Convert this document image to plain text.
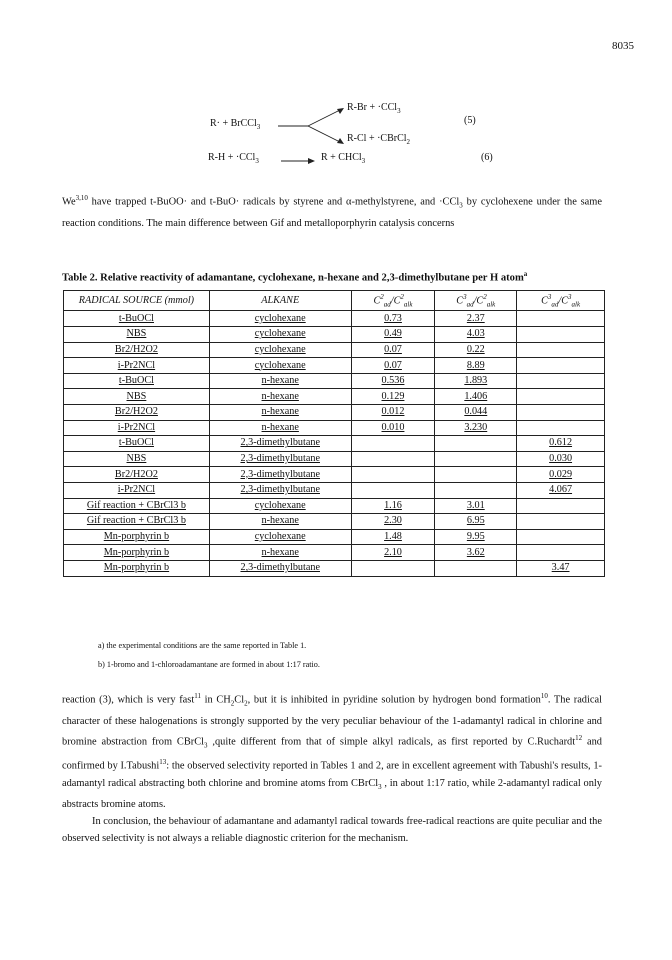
8035
R· + BrCCl$_3$
R-Br + ·CCl$_3$
R-Cl + ·CBrCl$_2$
(5)
R-H + ·CCl$_3$	R + CHCl$_3$	(6)
We$^{3,10}$ have trapped t-BuOO· and t-BuO· radicals by styrene and α-methylstyrene, and ·CCl$_3$ by cyclohexene under the same reaction conditions. The main difference between Gif and metalloporphyrin catalysis concerns
Table 2. Relative reactivity of adamantane, cyclohexane, n-hexane and 2,3-dimethylbutane per H atom$^a$
RADICAL SOURCE (mmol)	ALKANE	$C^2_{ad}/C^2_{alk}$	$C^3_{ad}/C^2_{alk}$	$C^3_{ad}/C^3_{alk}$
t-BuOCl	cyclohexane	0.73	2.37	
NBS	cyclohexane	0.49	4.03	
Br2/H2O2	cyclohexane	0.07	0.22	
i-Pr2NCl	cyclohexane	0.07	8.89	
t-BuOCl	n-hexane	0.536	1.893	
NBS	n-hexane	0.129	1.406	
Br2/H2O2	n-hexane	0.012	0.044	
i-Pr2NCl	n-hexane	0.010	3.230	
t-BuOCl	2,3-dimethylbutane			0.612
NBS	2,3-dimethylbutane			0.030
Br2/H2O2	2,3-dimethylbutane			0.029
i-Pr2NCl	2,3-dimethylbutane			4.067
Gif reaction + CBrCl3 b	cyclohexane	1.16	3.01	
Gif reaction + CBrCl3 b	n-hexane	2.30	6.95	
Mn-porphyrin b	cyclohexane	1.48	9.95	
Mn-porphyrin b	n-hexane	2.10	3.62	
Mn-porphyrin b	2,3-dimethylbutane			3.47
a) the experimental conditions are the same reported in Table 1.
b) 1-bromo and 1-chloroadamantane are formed in about 1:17 ratio.
reaction (3), which is very fast$^{11}$ in $CH_2Cl_2$, but it is inhibited in pyridine solution by hydrogen bond formation$^{10}$. The radical character of these halogenations is strongly supported by the very peculiar behaviour of the 1-adamantyl radical in chlorine and bromine abstraction from CBrCl$_3$ ,quite different from that of simple alkyl radicals, as first reported by C.Ruchardt$^{12}$ and confirmed by I.Tabushi$^{13}$: the observed selectivity reported in Tables 1 and 2, are in excellent agreement with Tabushi's results, 1-adamantyl radical abstracting both chlorine and bromine atoms from CBrCl$_3$ , in about 1:17 ratio, while 2-adamantyl radical only abstracts bromine atoms.
In conclusion, the behaviour of adamantane and adamantyl radical towards free-radical reactions are quite peculiar and the observed selectivity is not always a reliable diagnostic criterion for the mechanism.
